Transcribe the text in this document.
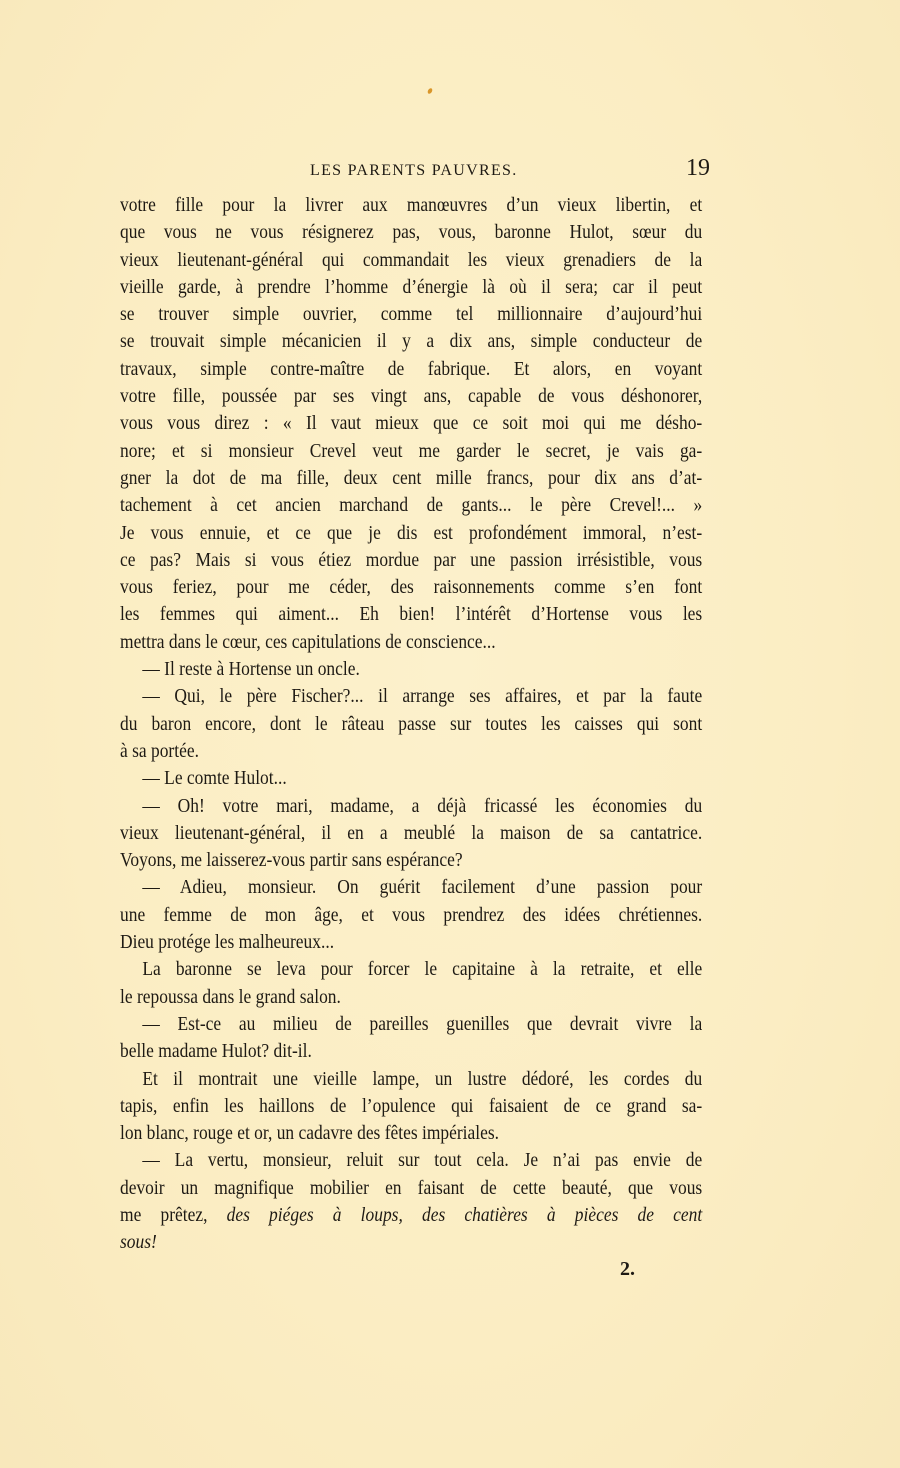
LES PARENTS PAUVRES.	19
votre fille pour la livrer aux manœuvres d’un vieux libertin, et
que vous ne vous résignerez pas, vous, baronne Hulot, sœur du
vieux lieutenant-général qui commandait les vieux grenadiers de la
vieille garde, à prendre l’homme d’énergie là où il sera; car il peut
se trouver simple ouvrier, comme tel millionnaire d’aujourd’hui
se trouvait simple mécanicien il y a dix ans, simple conducteur de
travaux, simple contre-maître de fabrique. Et alors, en voyant
votre fille, poussée par ses vingt ans, capable de vous déshonorer,
vous vous direz : « Il vaut mieux que ce soit moi qui me désho-
nore; et si monsieur Crevel veut me garder le secret, je vais ga-
gner la dot de ma fille, deux cent mille francs, pour dix ans d’at-
tachement à cet ancien marchand de gants... le père Crevel!... »
Je vous ennuie, et ce que je dis est profondément immoral, n’est-
ce pas? Mais si vous étiez mordue par une passion irrésistible, vous
vous feriez, pour me céder, des raisonnements comme s’en font
les femmes qui aiment... Eh bien! l’intérêt d’Hortense vous les
mettra dans le cœur, ces capitulations de conscience...
— Il reste à Hortense un oncle.
— Qui, le père Fischer?... il arrange ses affaires, et par la faute
du baron encore, dont le râteau passe sur toutes les caisses qui sont
à sa portée.
— Le comte Hulot...
— Oh! votre mari, madame, a déjà fricassé les économies du
vieux lieutenant-général, il en a meublé la maison de sa cantatrice.
Voyons, me laisserez-vous partir sans espérance?
— Adieu, monsieur. On guérit facilement d’une passion pour
une femme de mon âge, et vous prendrez des idées chrétiennes.
Dieu protége les malheureux...
La baronne se leva pour forcer le capitaine à la retraite, et elle
le repoussa dans le grand salon.
— Est-ce au milieu de pareilles guenilles que devrait vivre la
belle madame Hulot? dit-il.
Et il montrait une vieille lampe, un lustre dédoré, les cordes du
tapis, enfin les haillons de l’opulence qui faisaient de ce grand sa-
lon blanc, rouge et or, un cadavre des fêtes impériales.
— La vertu, monsieur, reluit sur tout cela. Je n’ai pas envie de
devoir un magnifique mobilier en faisant de cette beauté, que vous
me prêtez, des piéges à loups, des chatières à pièces de cent
sous!
2.
